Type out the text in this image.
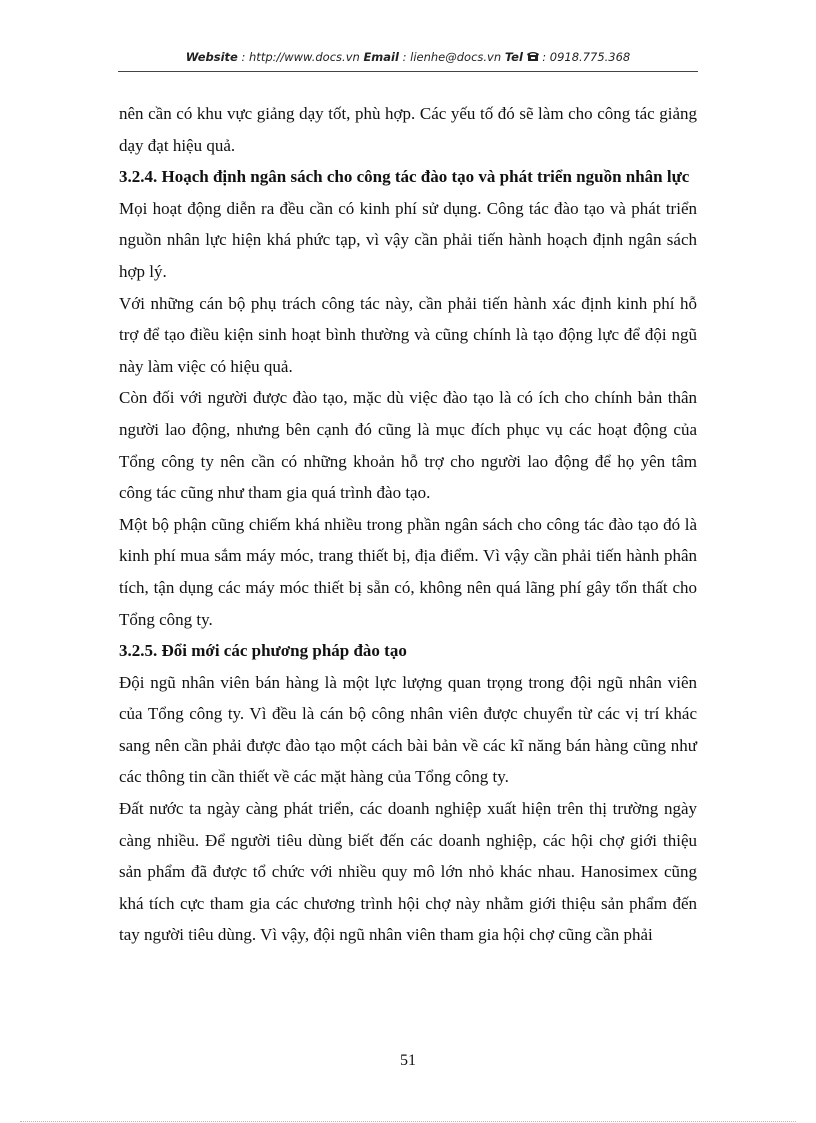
Website : http://www.docs.vn Email : lienhe@docs.vn Tel : 0918.775.368

nên cần có khu vực giảng dạy tốt, phù hợp. Các yếu tố đó sẽ làm cho công tác giảng dạy đạt hiệu quả.

3.2.4. Hoạch định ngân sách cho công tác đào tạo và phát triển nguồn nhân lực

Mọi hoạt động diễn ra đều cần có kinh phí sử dụng. Công tác đào tạo và phát triển nguồn nhân lực hiện khá phức tạp, vì vậy cần phải tiến hành hoạch định ngân sách hợp lý.

Với những cán bộ phụ trách công tác này, cần phải tiến hành xác định kinh phí hỗ trợ để tạo điều kiện sinh hoạt bình thường và cũng chính là tạo động lực để đội ngũ này làm việc có hiệu quả.

Còn đối với người được đào tạo, mặc dù việc đào tạo là có ích cho chính bản thân người lao động, nhưng bên cạnh đó cũng là mục đích phục vụ các hoạt động của Tổng công ty nên cần có những khoản hỗ trợ cho người lao động để họ yên tâm công tác cũng như tham gia quá trình đào tạo.

Một bộ phận cũng chiếm khá nhiều trong phần ngân sách cho công tác đào tạo đó là kinh phí mua sắm máy móc, trang thiết bị, địa điểm. Vì vậy cần phải tiến hành phân tích, tận dụng các máy móc thiết bị sẵn có, không nên quá lãng phí gây tổn thất cho Tổng công ty.

3.2.5. Đổi mới các phương pháp đào tạo

Đội ngũ nhân viên bán hàng là một lực lượng quan trọng trong đội ngũ nhân viên của Tổng công ty. Vì đều là cán bộ công nhân viên được chuyển từ các vị trí khác sang nên cần phải được đào tạo một cách bài bản về các kĩ năng bán hàng cũng như các thông tin cần thiết về các mặt hàng của Tổng công ty.

Đất nước ta ngày càng phát triển, các doanh nghiệp xuất hiện trên thị trường ngày càng nhiều. Để người tiêu dùng biết đến các doanh nghiệp, các hội chợ giới thiệu sản phẩm đã được tổ chức với nhiều quy mô lớn nhỏ khác nhau. Hanosimex cũng khá tích cực tham gia các chương trình hội chợ này nhằm giới thiệu sản phẩm đến tay người tiêu dùng. Vì vậy, đội ngũ nhân viên tham gia hội chợ cũng cần phải

51
